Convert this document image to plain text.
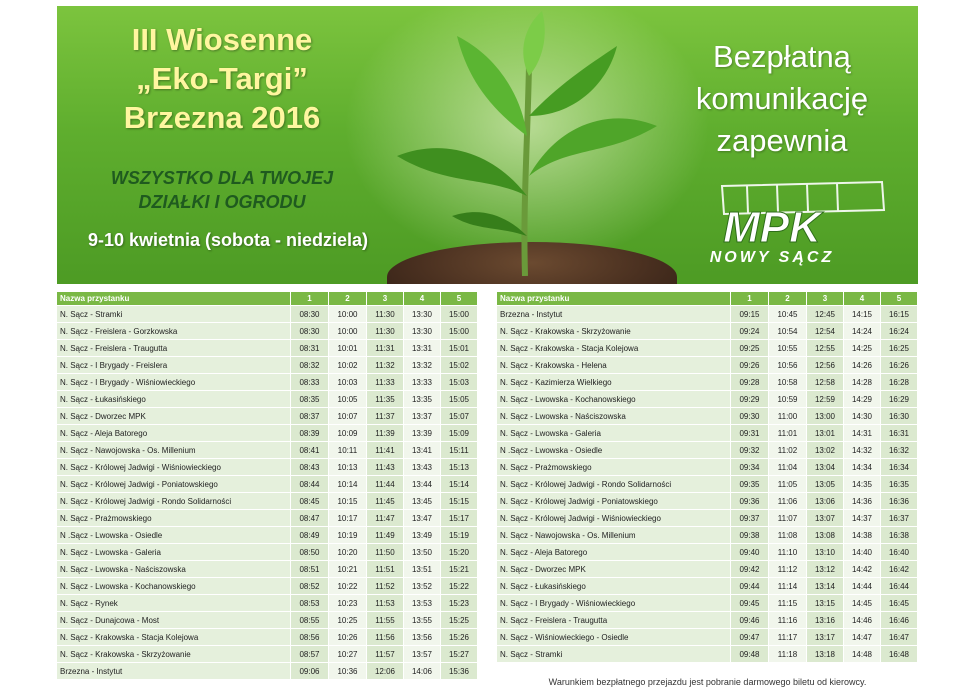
III Wiosenne
„Eko-Targi”
Brzezna 2016
WSZYSTKO DLA TWOJEJ
DZIAŁKI I OGRODU
9-10 kwietnia (sobota - niedziela)
Bezpłatną
komunikację
zapewnia
MPK
NOWY SĄCZ
Nazwa przystanku	1	2	3	4	5
N. Sącz - Stramki	08:30	10:00	11:30	13:30	15:00
N. Sącz - Freislera - Gorzkowska	08:30	10:00	11:30	13:30	15:00
N. Sącz - Freislera - Traugutta	08:31	10:01	11:31	13:31	15:01
N. Sącz - I Brygady - Freislera	08:32	10:02	11:32	13:32	15:02
N. Sącz - I Brygady - Wiśniowieckiego	08:33	10:03	11:33	13:33	15:03
N. Sącz - Łukasińskiego	08:35	10:05	11:35	13:35	15:05
N. Sącz - Dworzec MPK	08:37	10:07	11:37	13:37	15:07
N. Sącz - Aleja Batorego	08:39	10:09	11:39	13:39	15:09
N. Sącz - Nawojowska - Os. Millenium	08:41	10:11	11:41	13:41	15:11
N. Sącz - Królowej Jadwigi - Wiśniowieckiego	08:43	10:13	11:43	13:43	15:13
N. Sącz - Królowej Jadwigi - Poniatowskiego	08:44	10:14	11:44	13:44	15:14
N. Sącz - Królowej Jadwigi - Rondo Solidarności	08:45	10:15	11:45	13:45	15:15
N. Sącz - Prażmowskiego	08:47	10:17	11:47	13:47	15:17
N .Sącz - Lwowska - Osiedle	08:49	10:19	11:49	13:49	15:19
N. Sącz - Lwowska - Galeria	08:50	10:20	11:50	13:50	15:20
N. Sącz - Lwowska - Naściszowska	08:51	10:21	11:51	13:51	15:21
N. Sącz - Lwowska - Kochanowskiego	08:52	10:22	11:52	13:52	15:22
N. Sącz - Rynek	08:53	10:23	11:53	13:53	15:23
N. Sącz - Dunajcowa - Most	08:55	10:25	11:55	13:55	15:25
N. Sącz - Krakowska - Stacja Kolejowa	08:56	10:26	11:56	13:56	15:26
N. Sącz - Krakowska - Skrzyżowanie	08:57	10:27	11:57	13:57	15:27
Brzezna - Instytut	09:06	10:36	12:06	14:06	15:36
Nazwa przystanku	1	2	3	4	5
Brzezna - Instytut	09:15	10:45	12:45	14:15	16:15
N. Sącz - Krakowska - Skrzyżowanie	09:24	10:54	12:54	14:24	16:24
N. Sącz - Krakowska - Stacja Kolejowa	09:25	10:55	12:55	14:25	16:25
N. Sącz - Krakowska - Helena	09:26	10:56	12:56	14:26	16:26
N. Sącz - Kazimierza Wielkiego	09:28	10:58	12:58	14:28	16:28
N. Sącz - Lwowska - Kochanowskiego	09:29	10:59	12:59	14:29	16:29
N. Sącz - Lwowska - Naściszowska	09:30	11:00	13:00	14:30	16:30
N. Sącz - Lwowska - Galeria	09:31	11:01	13:01	14:31	16:31
N .Sącz - Lwowska - Osiedle	09:32	11:02	13:02	14:32	16:32
N. Sącz - Prażmowskiego	09:34	11:04	13:04	14:34	16:34
N. Sącz - Królowej Jadwigi - Rondo Solidarności	09:35	11:05	13:05	14:35	16:35
N. Sącz - Królowej Jadwigi - Poniatowskiego	09:36	11:06	13:06	14:36	16:36
N. Sącz - Królowej Jadwigi - Wiśniowieckiego	09:37	11:07	13:07	14:37	16:37
N. Sącz - Nawojowska - Os. Millenium	09:38	11:08	13:08	14:38	16:38
N. Sącz - Aleja Batorego	09:40	11:10	13:10	14:40	16:40
N. Sącz - Dworzec MPK	09:42	11:12	13:12	14:42	16:42
N. Sącz - Łukasińskiego	09:44	11:14	13:14	14:44	16:44
N. Sącz - I Brygady - Wiśniowieckiego	09:45	11:15	13:15	14:45	16:45
N. Sącz - Freislera - Traugutta	09:46	11:16	13:16	14:46	16:46
N. Sącz - Wiśniowieckiego - Osiedle	09:47	11:17	13:17	14:47	16:47
N. Sącz - Stramki	09:48	11:18	13:18	14:48	16:48
Warunkiem bezpłatnego przejazdu jest pobranie darmowego biletu od kierowcy.
